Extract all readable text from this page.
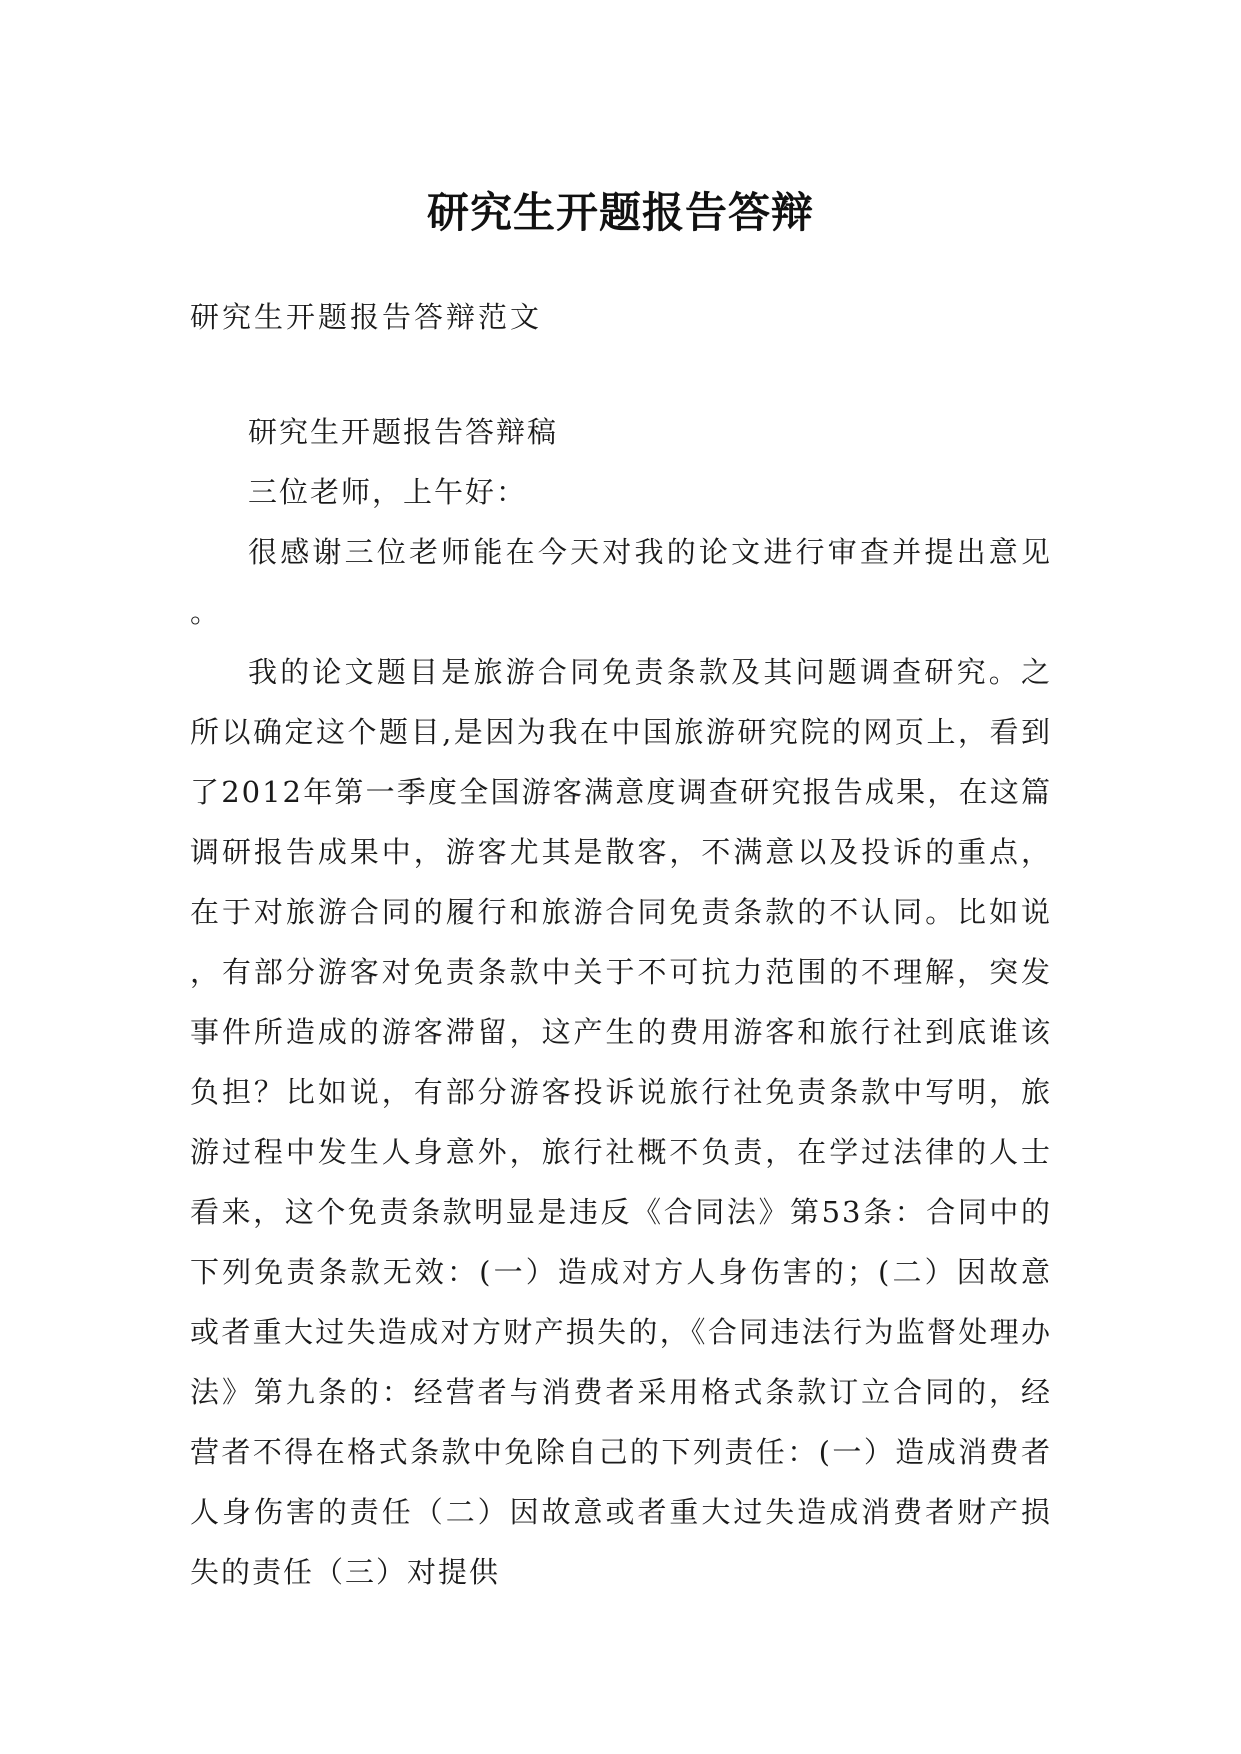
研究生开题报告答辩
研究生开题报告答辩范文

研究生开题报告答辩稿

三位老师，上午好：

很感谢三位老师能在今天对我的论文进行审查并提出意见。

我的论文题目是旅游合同免责条款及其问题调查研究。之所以确定这个题目,是因为我在中国旅游研究院的网页上，看到了2012年第一季度全国游客满意度调查研究报告成果，在这篇调研报告成果中，游客尤其是散客，不满意以及投诉的重点，在于对旅游合同的履行和旅游合同免责条款的不认同。比如说，有部分游客对免责条款中关于不可抗力范围的不理解，突发事件所造成的游客滞留，这产生的费用游客和旅行社到底谁该负担？比如说，有部分游客投诉说旅行社免责条款中写明，旅游过程中发生人身意外，旅行社概不负责，在学过法律的人士看来，这个免责条款明显是违反《合同法》第53条：合同中的下列免责条款无效：(一）造成对方人身伤害的；(二）因故意或者重大过失造成对方财产损失的，《合同违法行为监督处理办法》第九条的：经营者与消费者采用格式条款订立合同的，经营者不得在格式条款中免除自己的下列责任：(一）造成消费者人身伤害的责任（二）因故意或者重大过失造成消费者财产损失的责任（三）对提供
